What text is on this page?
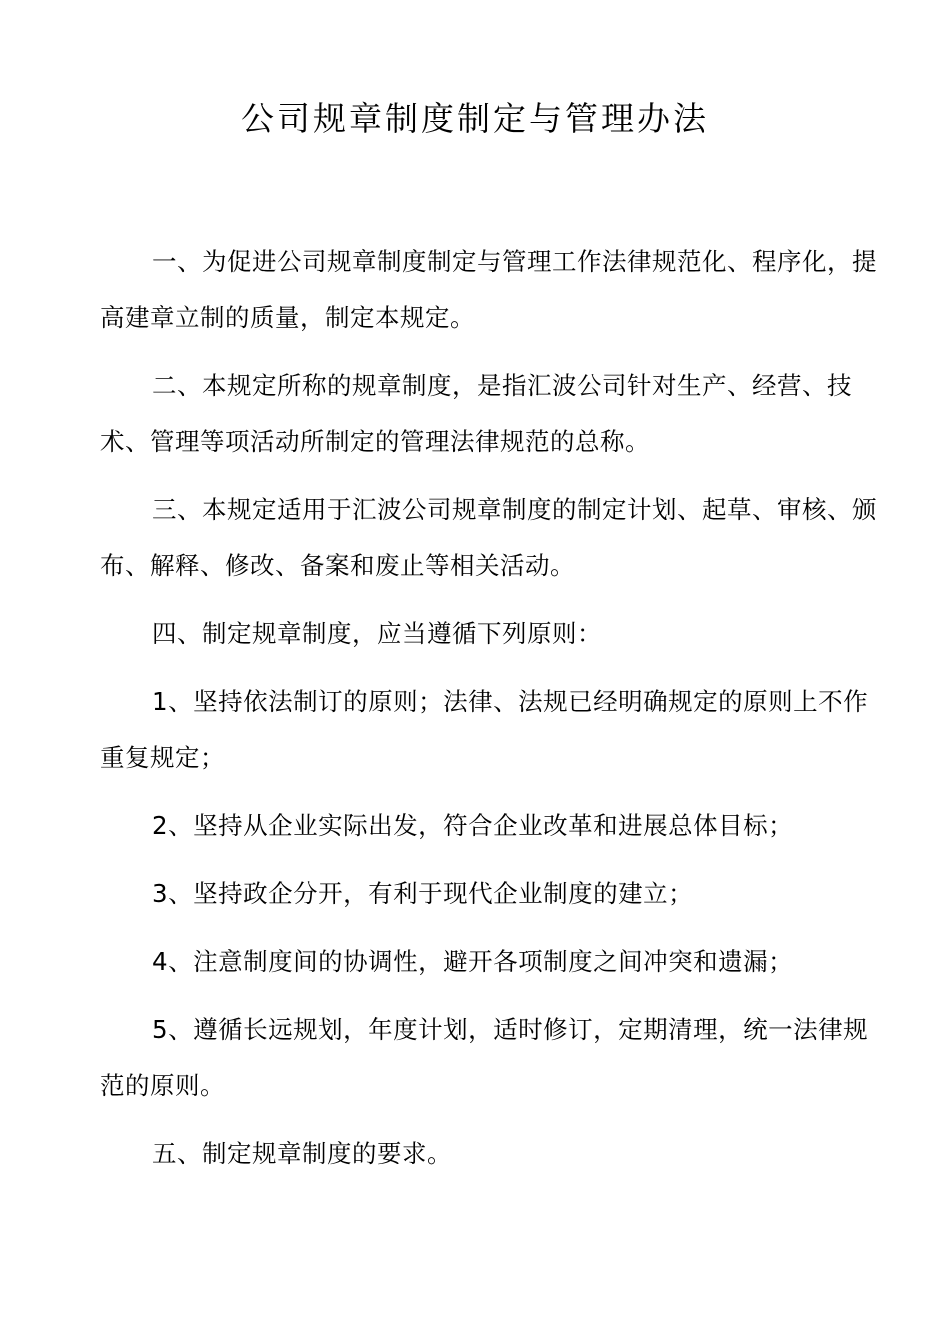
公司规章制度制定与管理办法

一、为促进公司规章制度制定与管理工作法律规范化、程序化，提高建章立制的质量，制定本规定。

二、本规定所称的规章制度，是指汇波公司针对生产、经营、技术、管理等项活动所制定的管理法律规范的总称。

三、本规定适用于汇波公司规章制度的制定计划、起草、审核、颁布、解释、修改、备案和废止等相关活动。

四、制定规章制度，应当遵循下列原则：

1、坚持依法制订的原则；法律、法规已经明确规定的原则上不作重复规定；

2、坚持从企业实际出发，符合企业改革和进展总体目标；

3、坚持政企分开，有利于现代企业制度的建立；

4、注意制度间的协调性，避开各项制度之间冲突和遗漏；

5、遵循长远规划，年度计划，适时修订，定期清理，统一法律规范的原则。

五、制定规章制度的要求。
